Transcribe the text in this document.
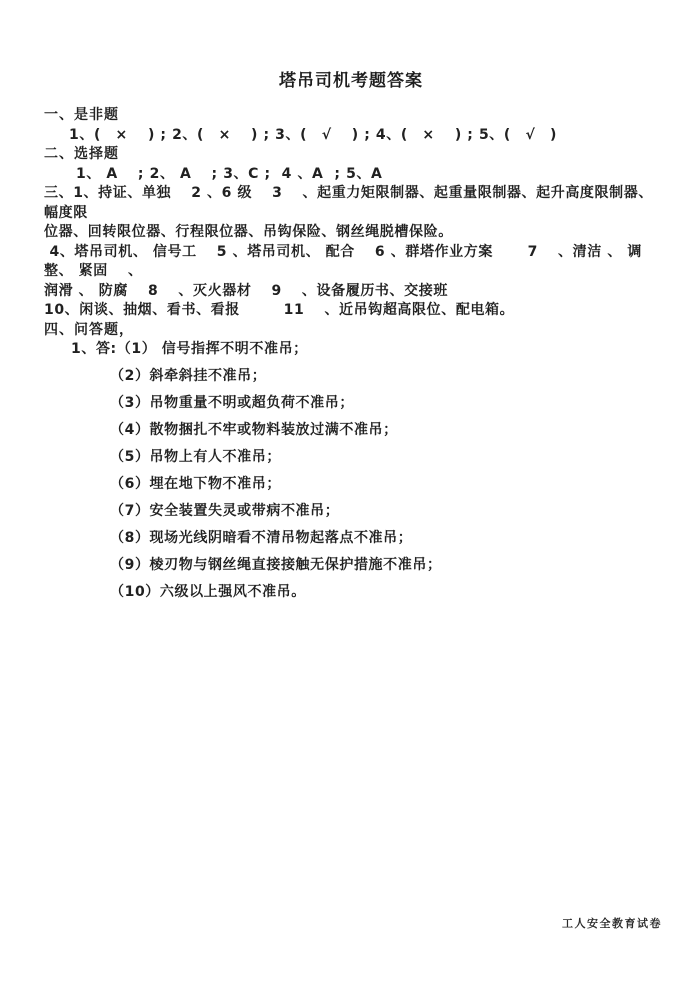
塔吊司机考题答案
一、是非题
1、(　×　 ) ; 2、(　×　 ) ; 3、(　√　 ) ; 4、(　×　 ) ; 5、(　√　)
二、选择题
1、 A　 ; 2、 A　 ; 3、C ;  4 、A  ; 5、A
三、1、持证、单独　 2 、6 级　 3 　、起重力矩限制器、起重量限制器、起升高度限制器、幅度限
位器、回转限位器、行程限位器、吊钩保险、钢丝绳脱槽保险。
4、塔吊司机、 信号工　 5 、塔吊司机、 配合　 6 、群塔作业方案　　 7　 、清洁 、 调整、 紧固　 、
润滑 、 防腐　 8 　、灭火器材　 9 　、设备履历书、交接班
10、闲谈、抽烟、看书、看报　　　11　 、近吊钩超高限位、配电箱。
四、问答题，
1、答:（1） 信号指挥不明不准吊；
（2）斜牵斜挂不准吊；
（3）吊物重量不明或超负荷不准吊；
（4）散物捆扎不牢或物料装放过满不准吊；
（5）吊物上有人不准吊；
（6）埋在地下物不准吊；
（7）安全装置失灵或带病不准吊；
（8）现场光线阴暗看不清吊物起落点不准吊；
（9）棱刃物与钢丝绳直接接触无保护措施不准吊；
（10）六级以上强风不准吊。
工人安全教育试卷
